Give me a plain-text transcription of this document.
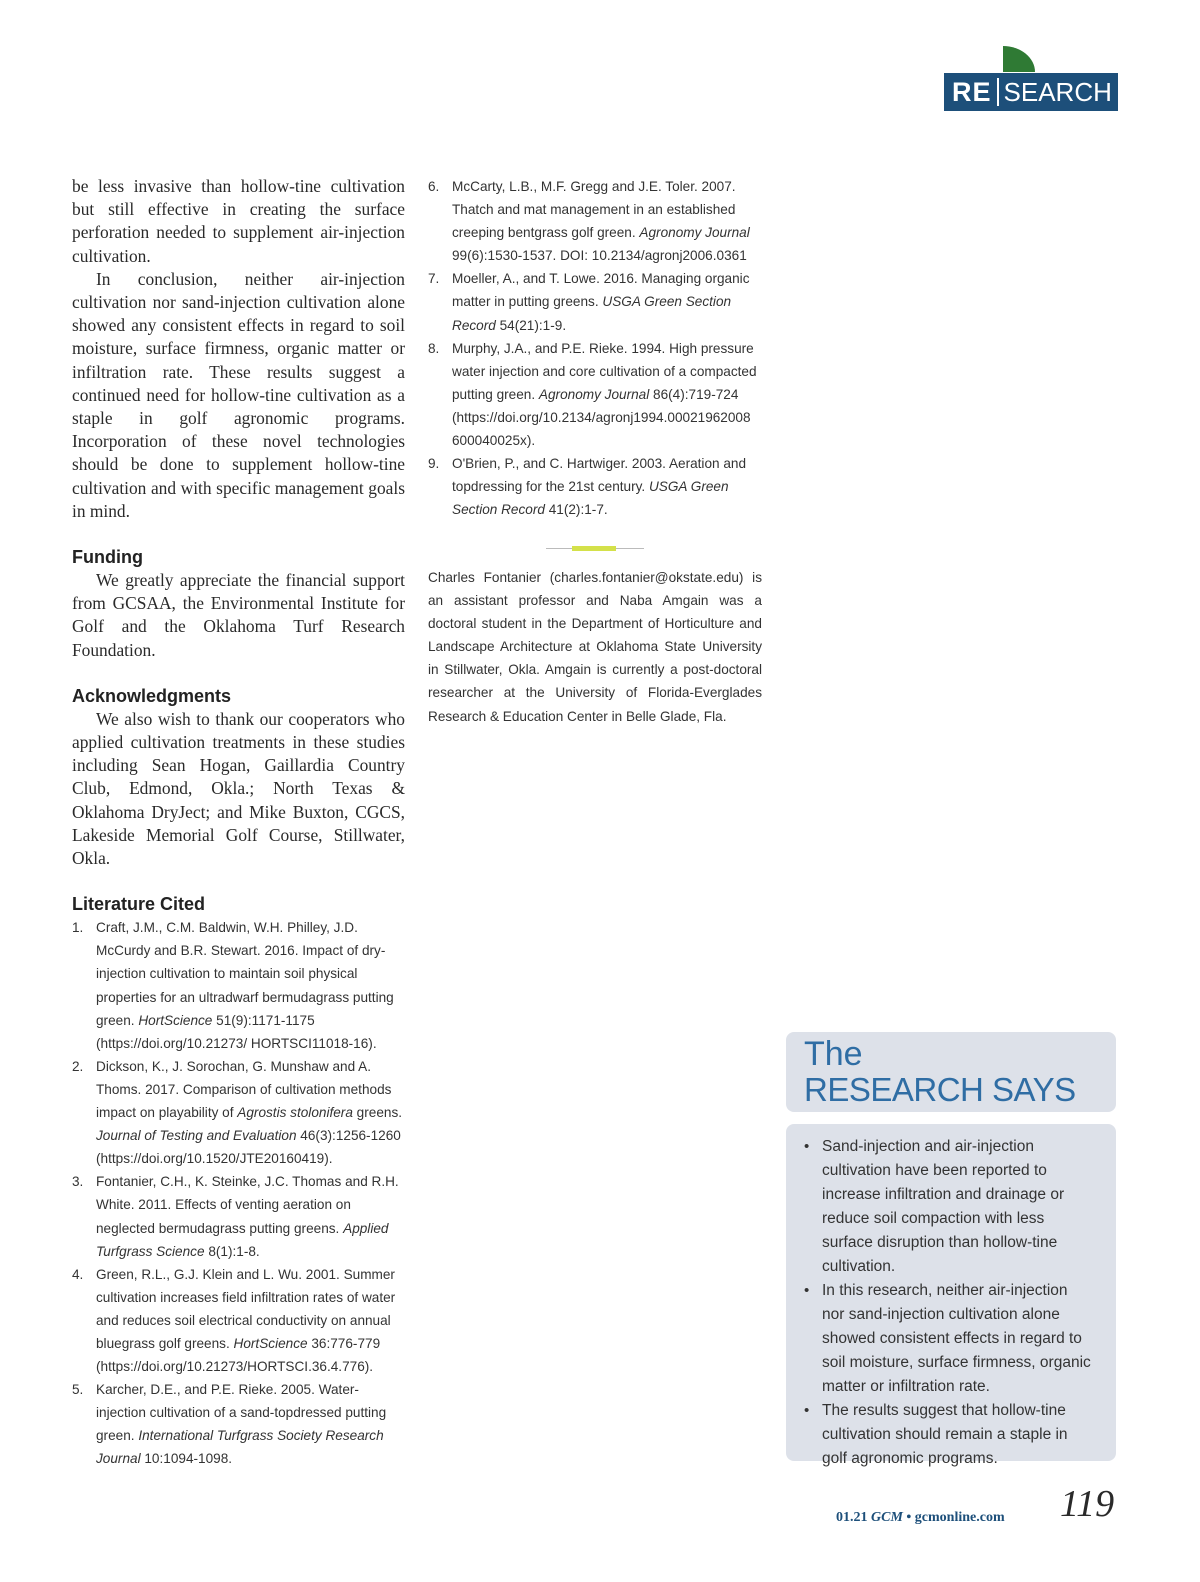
RE SEARCH

be less invasive than hollow-tine cultivation but still effective in creating the surface perforation needed to supplement air-injection cultivation.

In conclusion, neither air-injection cultivation nor sand-injection cultivation alone showed any consistent effects in regard to soil moisture, surface firmness, organic matter or infiltration rate. These results suggest a continued need for hollow-tine cultivation as a staple in golf agronomic programs. Incorporation of these novel technologies should be done to supplement hollow-tine cultivation and with specific management goals in mind.

Funding

We greatly appreciate the financial support from GCSAA, the Environmental Institute for Golf and the Oklahoma Turf Research Foundation.

Acknowledgments

We also wish to thank our cooperators who applied cultivation treatments in these studies including Sean Hogan, Gaillardia Country Club, Edmond, Okla.; North Texas & Oklahoma DryJect; and Mike Buxton, CGCS, Lakeside Memorial Golf Course, Stillwater, Okla.

Literature Cited
1. Craft, J.M., C.M. Baldwin, W.H. Philley, J.D. McCurdy and B.R. Stewart. 2016. Impact of dry-injection cultivation to maintain soil physical properties for an ultradwarf bermudagrass putting green. HortScience 51(9):1171-1175 (https://doi.org/10.21273/ HORTSCI11018-16).
2. Dickson, K., J. Sorochan, G. Munshaw and A. Thoms. 2017. Comparison of cultivation methods impact on playability of Agrostis stolonifera greens. Journal of Testing and Evaluation 46(3):1256-1260 (https://doi.org/10.1520/JTE20160419).
3. Fontanier, C.H., K. Steinke, J.C. Thomas and R.H. White. 2011. Effects of venting aeration on neglected bermudagrass putting greens. Applied Turfgrass Science 8(1):1-8.
4. Green, R.L., G.J. Klein and L. Wu. 2001. Summer cultivation increases field infiltration rates of water and reduces soil electrical conductivity on annual bluegrass golf greens. HortScience 36:776-779 (https://doi.org/10.21273/HORTSCI.36.4.776).
5. Karcher, D.E., and P.E. Rieke. 2005. Water-injection cultivation of a sand-topdressed putting green. International Turfgrass Society Research Journal 10:1094-1098.
6. McCarty, L.B., M.F. Gregg and J.E. Toler. 2007. Thatch and mat management in an established creeping bentgrass golf green. Agronomy Journal 99(6):1530-1537. DOI: 10.2134/agronj2006.0361
7. Moeller, A., and T. Lowe. 2016. Managing organic matter in putting greens. USGA Green Section Record 54(21):1-9.
8. Murphy, J.A., and P.E. Rieke. 1994. High pressure water injection and core cultivation of a compacted putting green. Agronomy Journal 86(4):719-724 (https://doi.org/10.2134/agronj1994.00021962008 600040025x).
9. O'Brien, P., and C. Hartwiger. 2003. Aeration and topdressing for the 21st century. USGA Green Section Record 41(2):1-7.

Charles Fontanier (charles.fontanier@okstate.edu) is an assistant professor and Naba Amgain was a doctoral student in the Department of Horticulture and Landscape Architecture at Oklahoma State University in Stillwater, Okla. Amgain is currently a post-doctoral researcher at the University of Florida-Everglades Research & Education Center in Belle Glade, Fla.

The
RESEARCH SAYS
• Sand-injection and air-injection cultivation have been reported to increase infiltration and drainage or reduce soil compaction with less surface disruption than hollow-tine cultivation.
• In this research, neither air-injection nor sand-injection cultivation alone showed consistent effects in regard to soil moisture, surface firmness, organic matter or infiltration rate.
• The results suggest that hollow-tine cultivation should remain a staple in golf agronomic programs.
01.21 GCM • gcmonline.com 119
